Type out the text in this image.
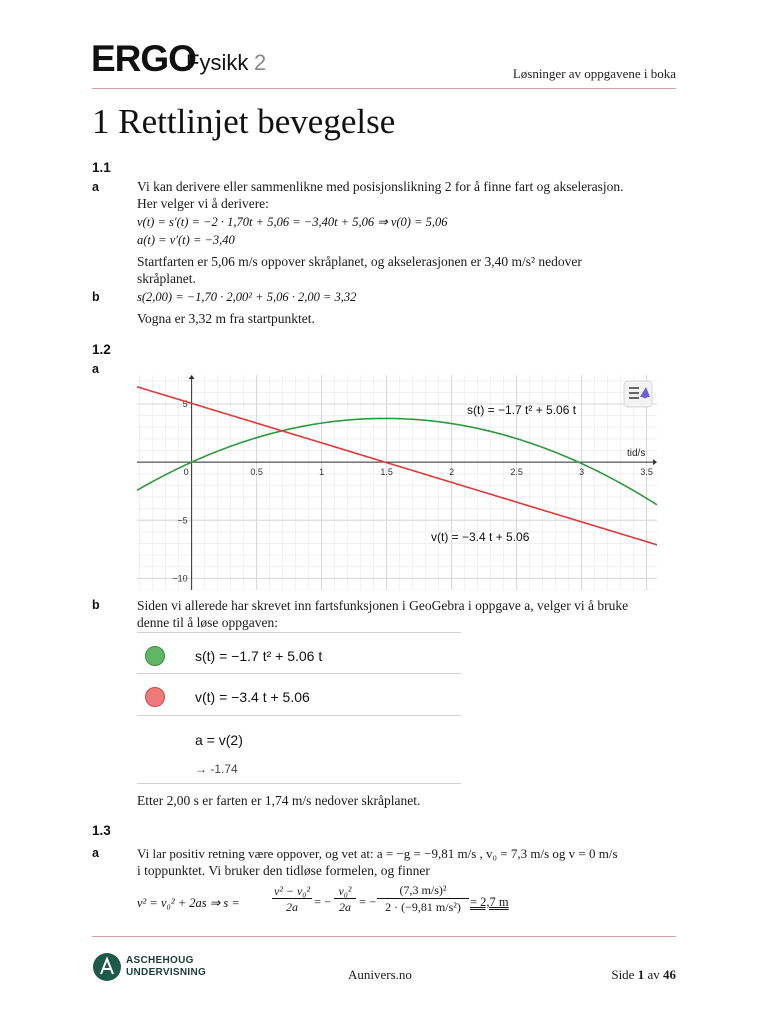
ERGO
Fysikk 2	Løsninger av oppgavene i boka
1 Rettlinjet bevegelse
1.1
a	Vi kan derivere eller sammenlikne med posisjonslikning 2 for å finne fart og akselerasjon.
Her velger vi å derivere:
v(t) = s′(t) = −2 · 1,70t + 5,06 = −3,40t + 5,06 ⇒ v(0) = 5,06
a(t) = v′(t) = −3,40
Startfarten er 5,06 m/s oppover skråplanet, og akselerasjonen er 3,40 m/s² nedover
skråplanet.
b	s(2,00) = −1,70 · 2,00² + 5,06 · 2,00 = 3,32
Vogna er 3,32 m fra startpunktet.
1.2
a
0	0.5	1	1.5	2	2.5	3	3.5
5
−5
−10
tid/s
s(t) = −1.7 t² + 5.06 t
v(t) = −3.4 t + 5.06
b	Siden vi allerede har skrevet inn fartsfunksjonen i GeoGebra i oppgave a, velger vi å bruke
denne til å løse oppgaven:
s(t) = −1.7 t² + 5.06 t
v(t) = −3.4 t + 5.06
a = v(2)
→ -1.74
Etter 2,00 s er farten er 1,74 m/s nedover skråplanet.
1.3
a	Vi lar positiv retning være oppover, og vet at: a = −g = −9,81 m/s , v₀ = 7,3 m/s og v = 0 m/s
i toppunktet. Vi bruker den tidløse formelen, og finner
v² = v₀² + 2as ⇒ s =
v² − v₀²
2a	= −
v₀²
2a = −
(7,3 m/s)²
2 · (−9,81 m/s²) = 2,7 m
ASCHEHOUG
UNDERVISNING	Aunivers.no	Side 1 av 46
